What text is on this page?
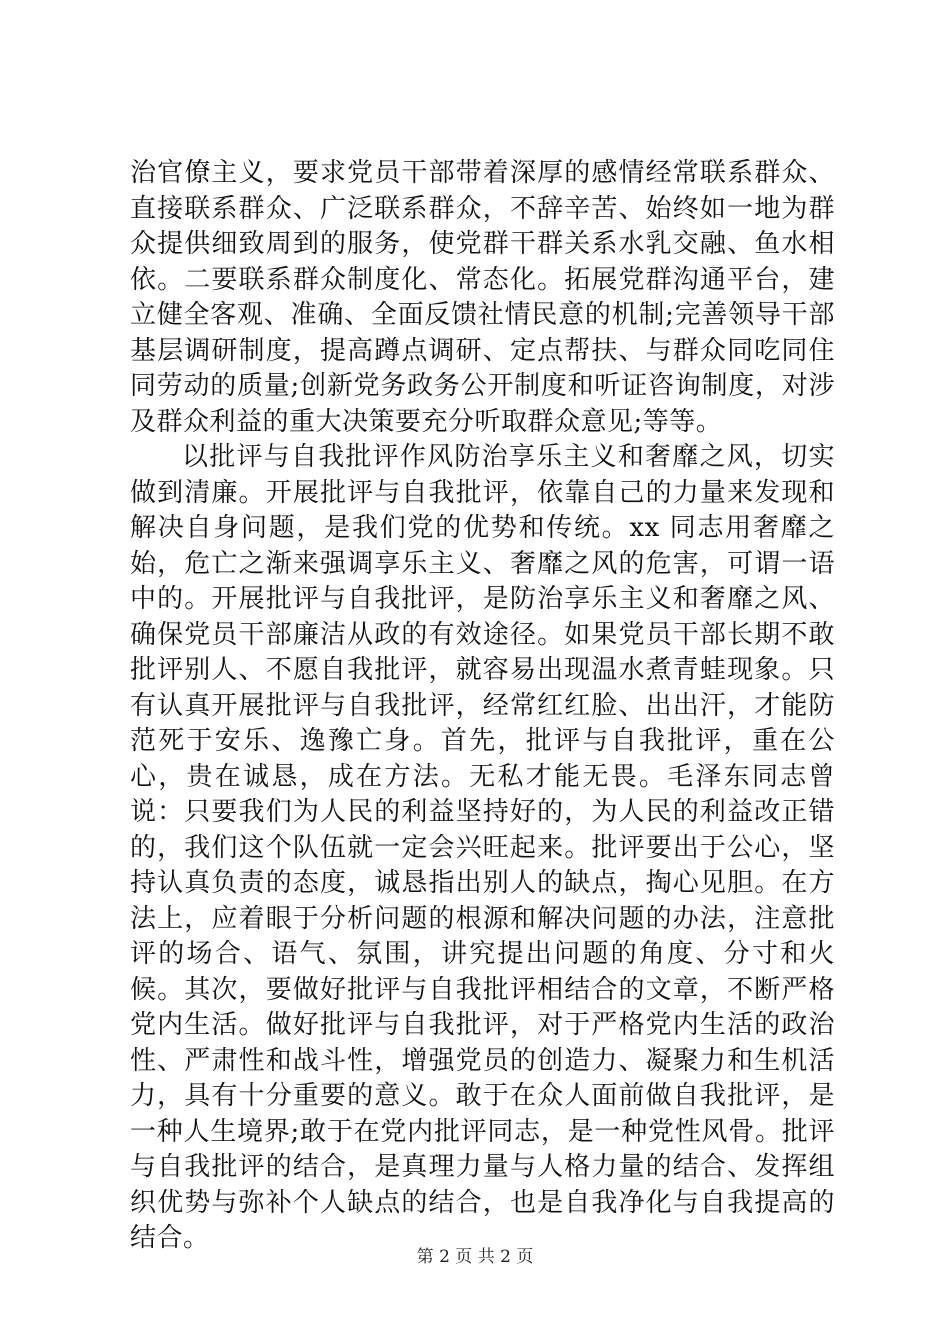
治官僚主义，要求党员干部带着深厚的感情经常联系群众、直接联系群众、广泛联系群众，不辞辛苦、始终如一地为群众提供细致周到的服务，使党群干群关系水乳交融、鱼水相依。二要联系群众制度化、常态化。拓展党群沟通平台，建立健全客观、准确、全面反馈社情民意的机制;完善领导干部基层调研制度，提高蹲点调研、定点帮扶、与群众同吃同住同劳动的质量;创新党务政务公开制度和听证咨询制度，对涉及群众利益的重大决策要充分听取群众意见;等等。

以批评与自我批评作风防治享乐主义和奢靡之风，切实做到清廉。开展批评与自我批评，依靠自己的力量来发现和解决自身问题，是我们党的优势和传统。xx 同志用奢靡之始，危亡之渐来强调享乐主义、奢靡之风的危害，可谓一语中的。开展批评与自我批评，是防治享乐主义和奢靡之风、确保党员干部廉洁从政的有效途径。如果党员干部长期不敢批评别人、不愿自我批评，就容易出现温水煮青蛙现象。只有认真开展批评与自我批评，经常红红脸、出出汗，才能防范死于安乐、逸豫亡身。首先，批评与自我批评，重在公心，贵在诚恳，成在方法。无私才能无畏。毛泽东同志曾说：只要我们为人民的利益坚持好的，为人民的利益改正错的，我们这个队伍就一定会兴旺起来。批评要出于公心，坚持认真负责的态度，诚恳指出别人的缺点，掏心见胆。在方法上，应着眼于分析问题的根源和解决问题的办法，注意批评的场合、语气、氛围，讲究提出问题的角度、分寸和火候。其次，要做好批评与自我批评相结合的文章，不断严格党内生活。做好批评与自我批评，对于严格党内生活的政治性、严肃性和战斗性，增强党员的创造力、凝聚力和生机活力，具有十分重要的意义。敢于在众人面前做自我批评，是一种人生境界;敢于在党内批评同志，是一种党性风骨。批评与自我批评的结合，是真理力量与人格力量的结合、发挥组织优势与弥补个人缺点的结合，也是自我净化与自我提高的结合。

第 2 页 共 2 页
